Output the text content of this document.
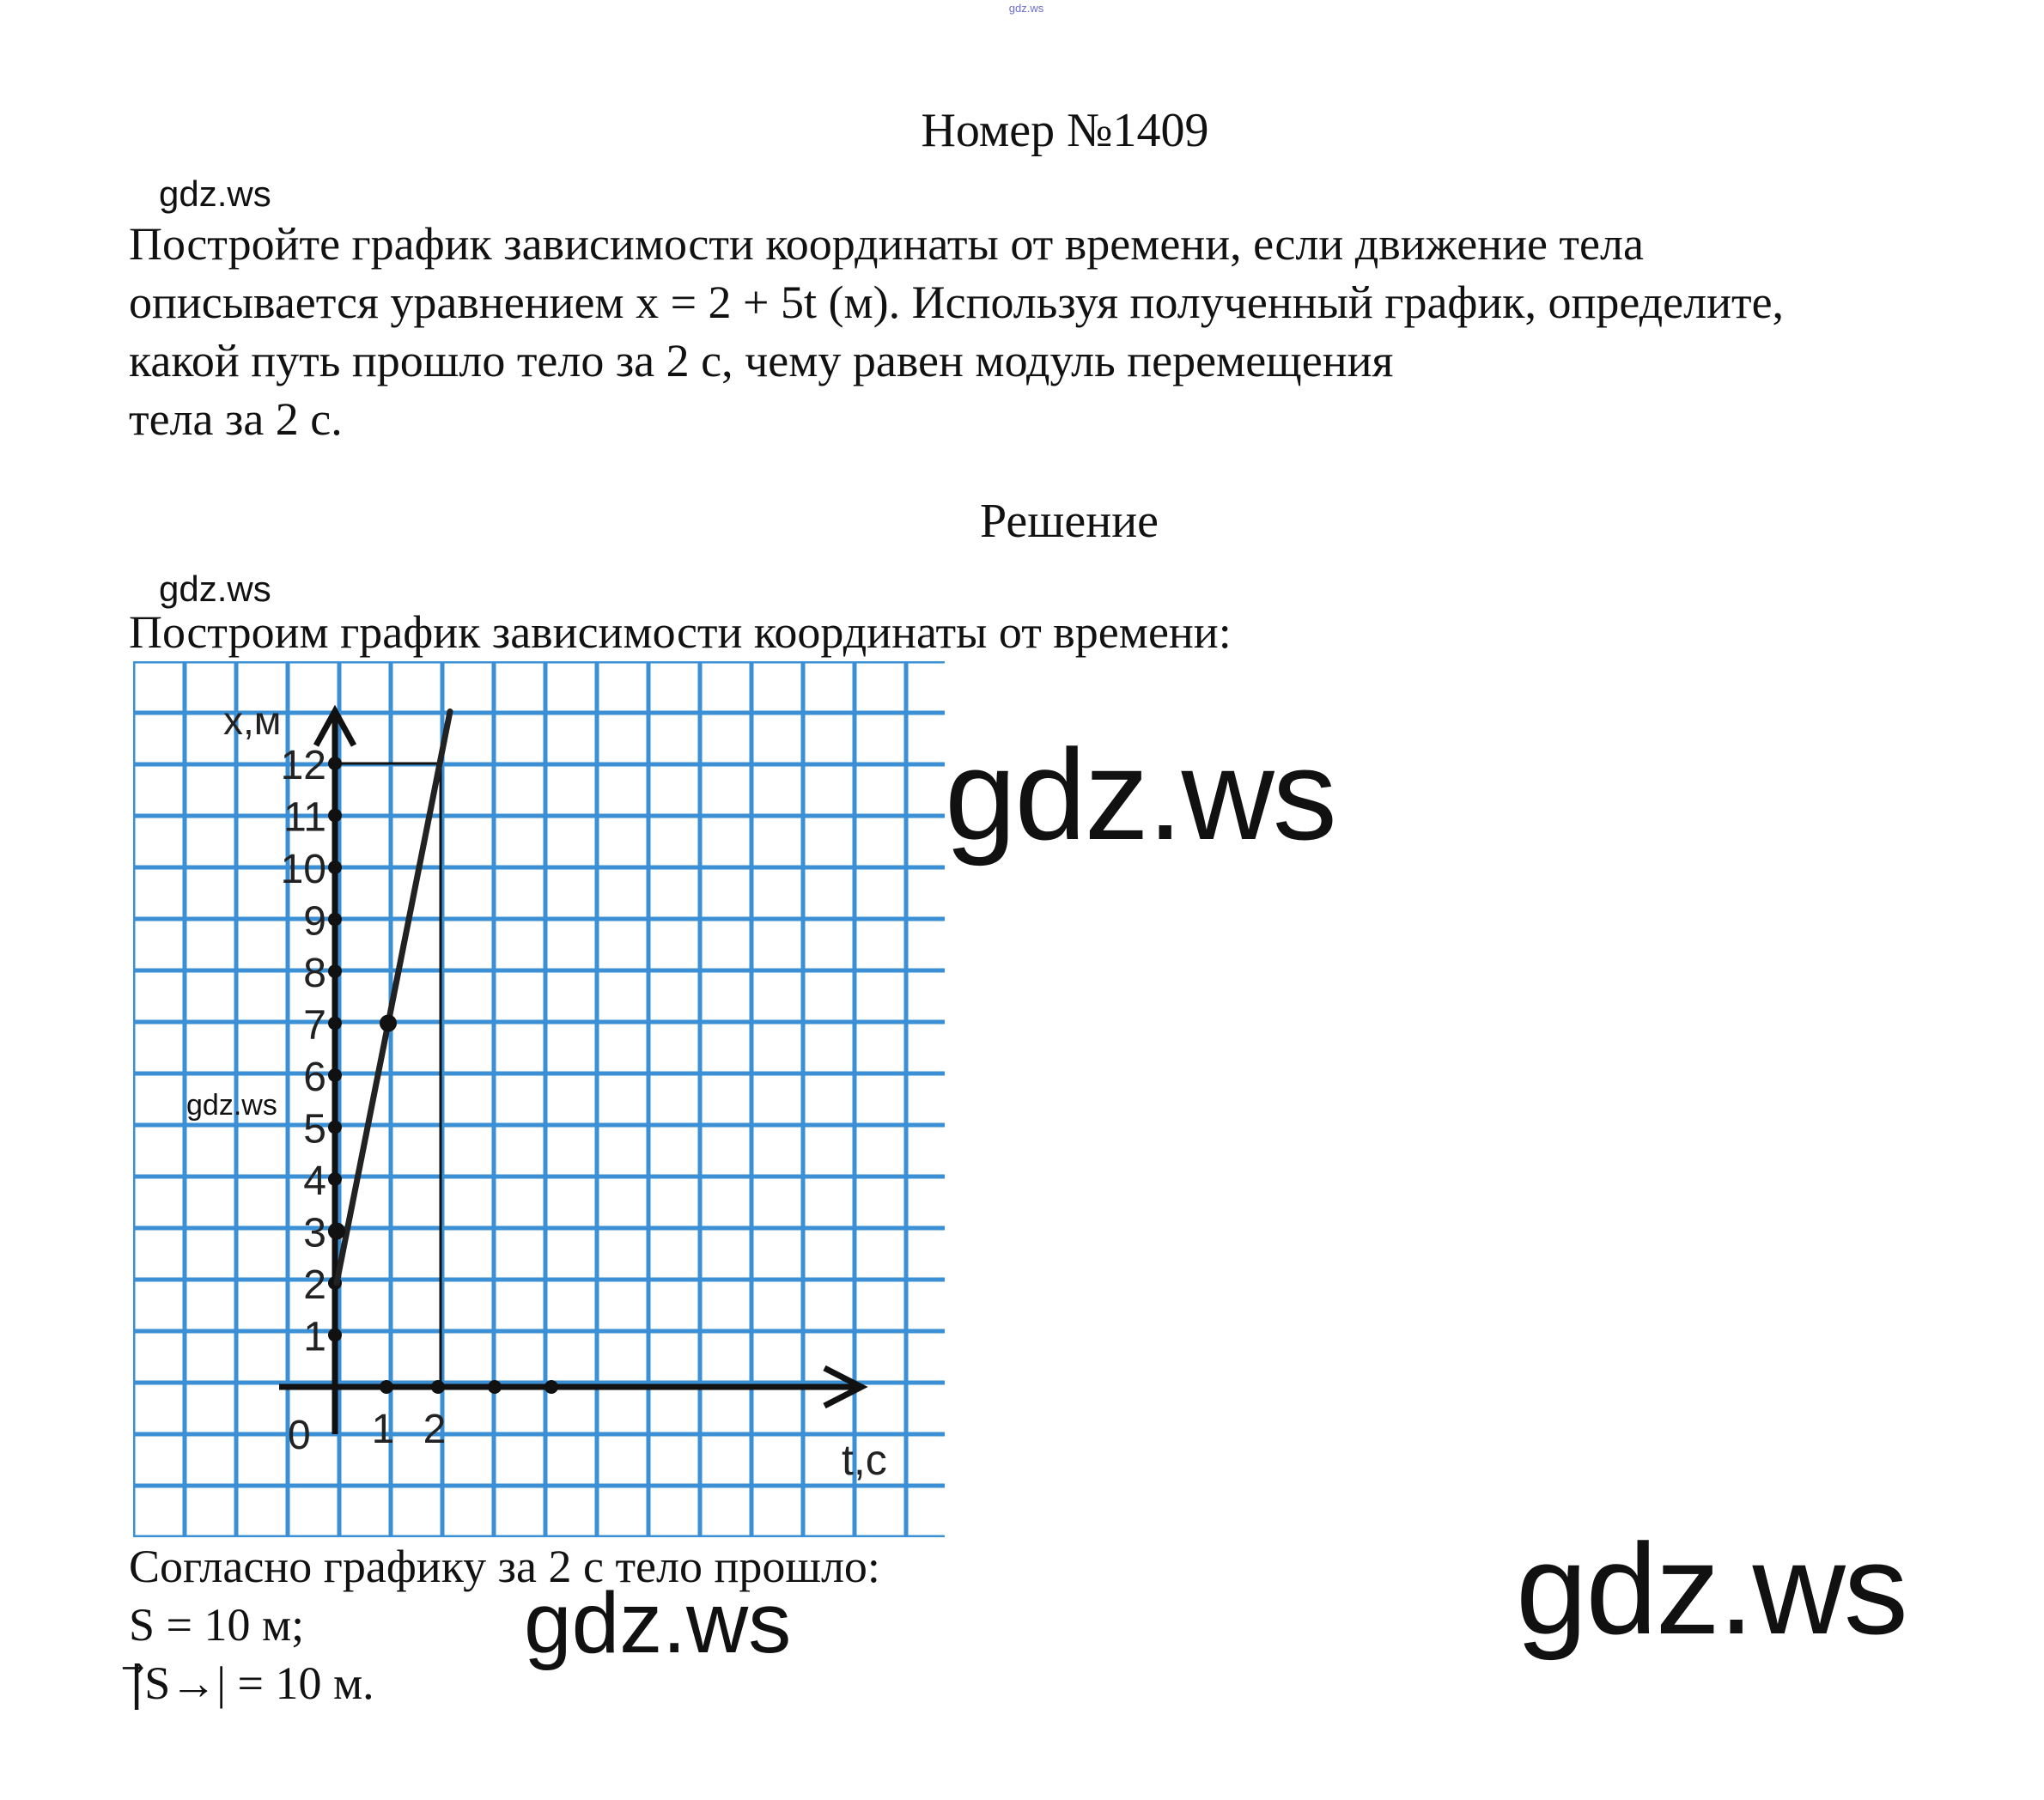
gdz.ws
Номер №1409
gdz.ws

Постройте график зависимости координаты от времени, если движение тела
описывается уравнением x = 2 + 5t (м). Используя полученный график, определите,
какой путь прошло тело за 2 с, чему равен модуль перемещения
тела за 2 с.

Решение
gdz.ws

Построим график зависимости координаты от времени:

1
2
3
4
5
6
7
8
9
10
11
12
1 2
0
x,м
t,c
gdz.ws
gdz.ws
gdz.ws

Согласно графику за 2 с тело прошло:
S = 10 м;
|⃗S→| = 10 м.

gdz.ws
